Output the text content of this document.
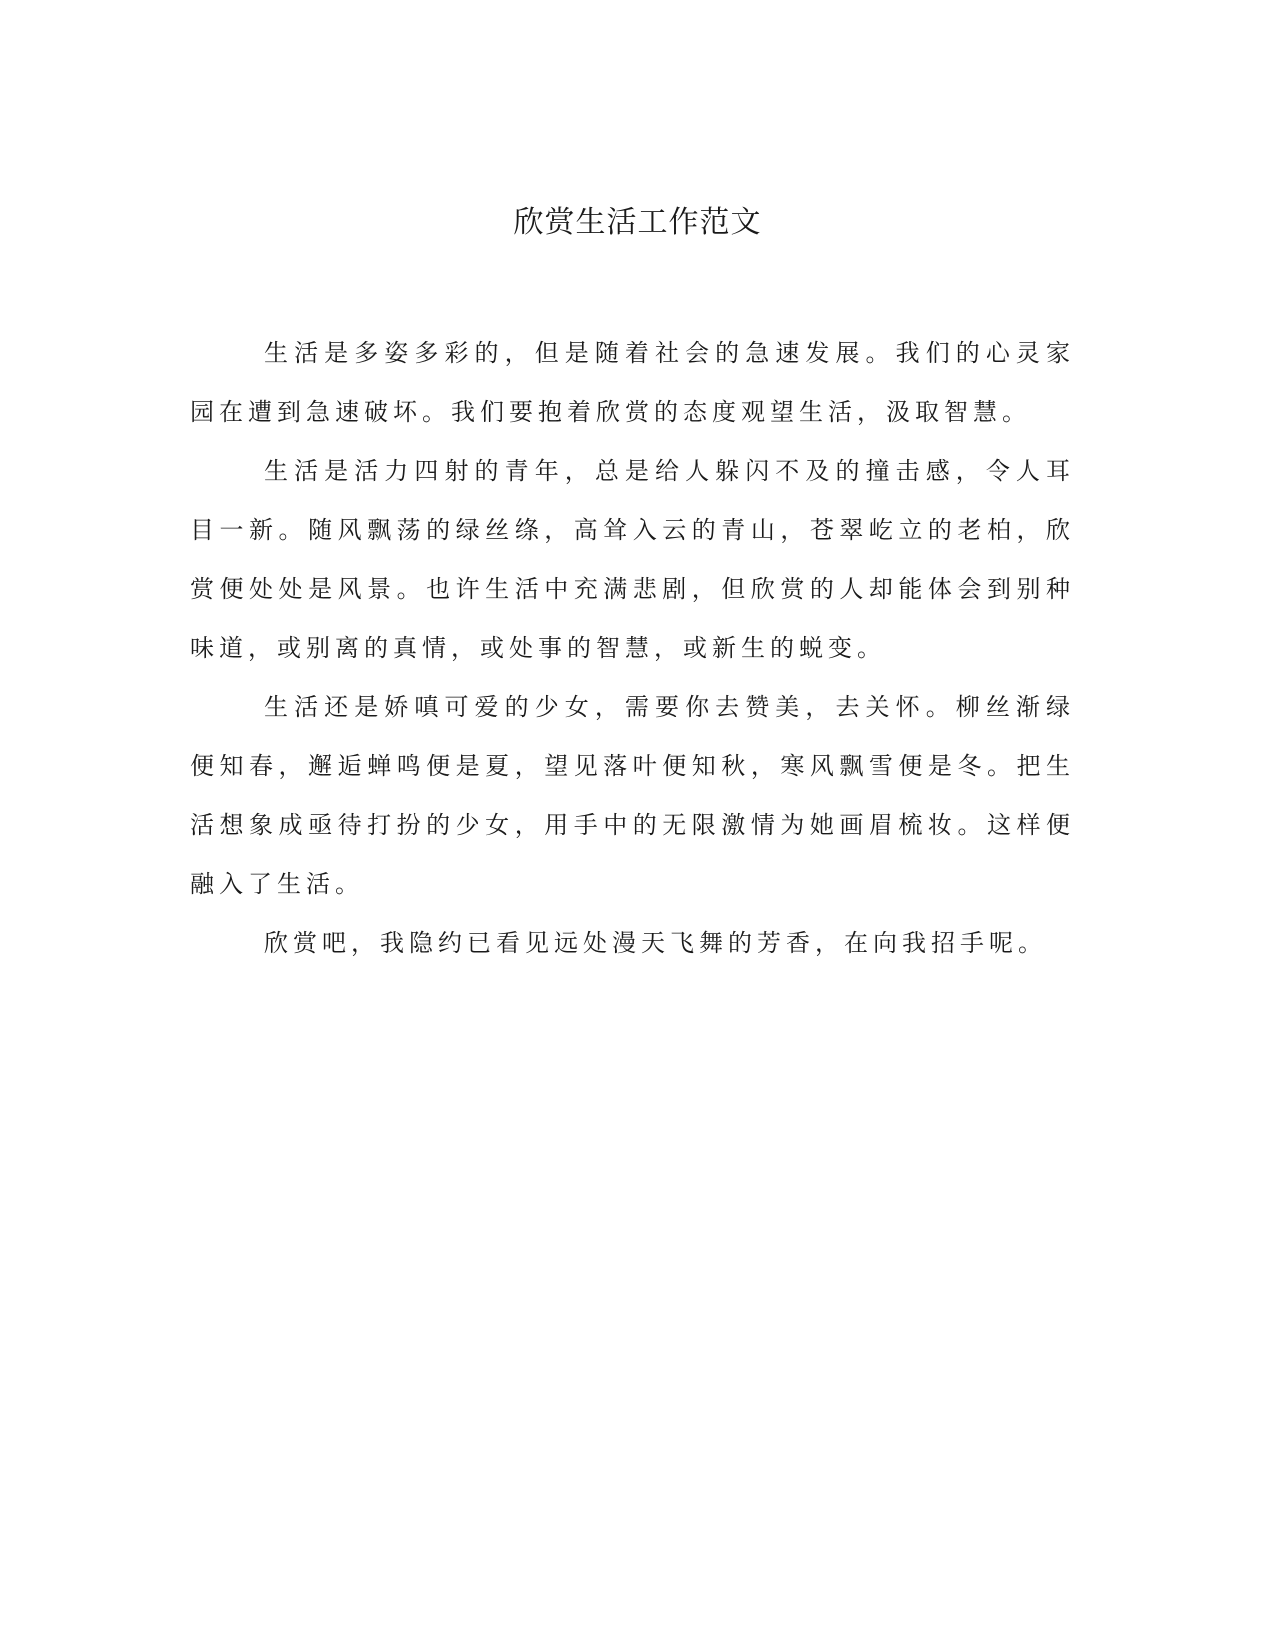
欣赏生活工作范文

生活是多姿多彩的，但是随着社会的急速发展。我们的心灵家园在遭到急速破坏。我们要抱着欣赏的态度观望生活，汲取智慧。

生活是活力四射的青年，总是给人躲闪不及的撞击感，令人耳目一新。随风飘荡的绿丝绦，高耸入云的青山，苍翠屹立的老柏，欣赏便处处是风景。也许生活中充满悲剧，但欣赏的人却能体会到别种味道，或别离的真情，或处事的智慧，或新生的蜕变。

生活还是娇嗔可爱的少女，需要你去赞美，去关怀。柳丝渐绿便知春，邂逅蝉鸣便是夏，望见落叶便知秋，寒风飘雪便是冬。把生活想象成亟待打扮的少女，用手中的无限激情为她画眉梳妆。这样便融入了生活。

欣赏吧，我隐约已看见远处漫天飞舞的芳香，在向我招手呢。
